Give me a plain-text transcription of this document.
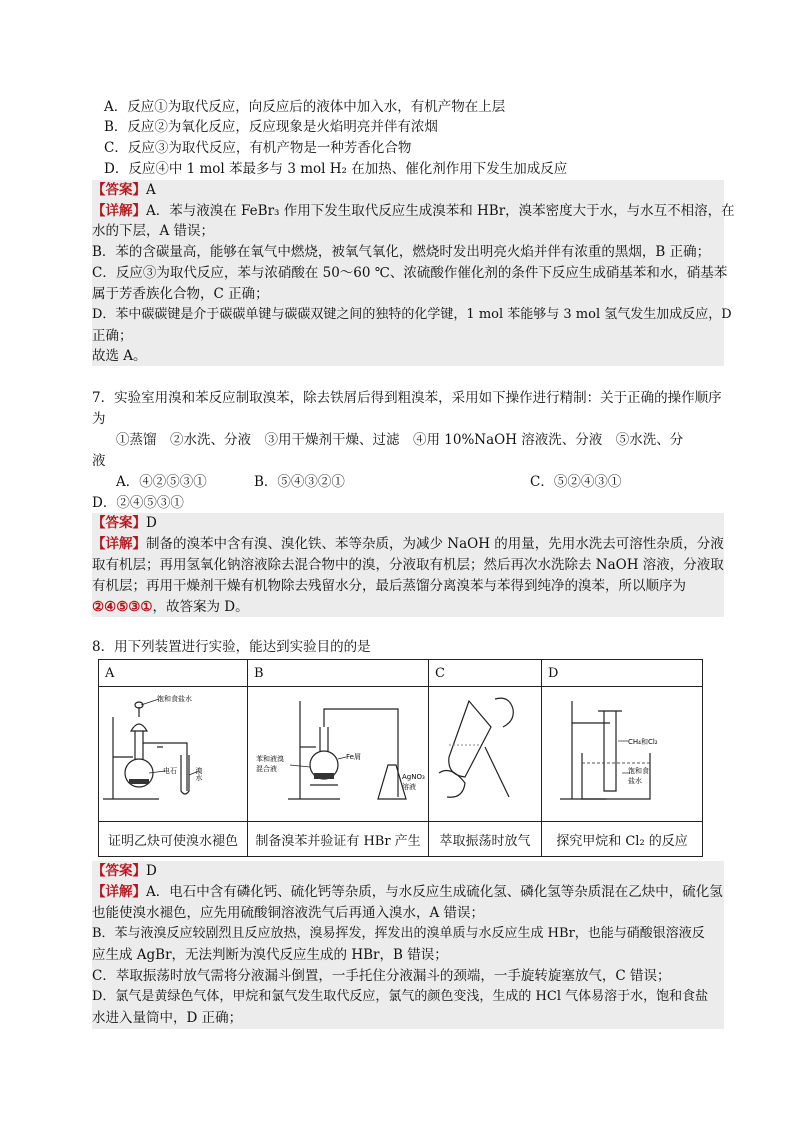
A．反应①为取代反应，向反应后的液体中加入水，有机产物在上层
B．反应②为氧化反应，反应现象是火焰明亮并伴有浓烟
C．反应③为取代反应，有机产物是一种芳香化合物
D．反应④中 1 mol 苯最多与 3 mol H₂ 在加热、催化剂作用下发生加成反应
【答案】A
【详解】A．苯与液溴在 FeBr₃ 作用下发生取代反应生成溴苯和 HBr，溴苯密度大于水，与水互不相溶，在
水的下层，A 错误；
B．苯的含碳量高，能够在氧气中燃烧，被氧气氧化，燃烧时发出明亮火焰并伴有浓重的黑烟，B 正确；
C．反应③为取代反应，苯与浓硝酸在 50～60 ℃、浓硫酸作催化剂的条件下反应生成硝基苯和水，硝基苯
属于芳香族化合物，C 正确；
D．苯中碳碳键是介于碳碳单键与碳碳双键之间的独特的化学键，1 mol 苯能够与 3 mol 氢气发生加成反应，D
正确；
故选 A。
7．实验室用溴和苯反应制取溴苯，除去铁屑后得到粗溴苯，采用如下操作进行精制：关于正确的操作顺序
为
①蒸馏　②水洗、分液　③用干燥剂干燥、过滤　④用 10%NaOH 溶液洗、分液　⑤水洗、分
液
A．④②⑤③①	B．⑤④③②①	C．⑤②④③①
D．②④⑤③①
【答案】D
【详解】制备的溴苯中含有溴、溴化铁、苯等杂质，为减少 NaOH 的用量，先用水洗去可溶性杂质，分液
取有机层；再用氢氧化钠溶液除去混合物中的溴，分液取有机层；然后再次水洗除去 NaOH 溶液，分液取
有机层；再用干燥剂干燥有机物除去残留水分，最后蒸馏分离溴苯与苯得到纯净的溴苯，所以顺序为
②④⑤③①，故答案为 D。
8．用下列装置进行实验，能达到实验目的的是
A	B	C	D

饱和食盐水
电石 溴水	苯和液溴
混合液
Fe屑
AgNO₃
溶液		CH₄和Cl₂
饱和食
盐水

证明乙炔可使溴水褪色	制备溴苯并验证有 HBr 产生	萃取振荡时放气	探究甲烷和 Cl₂ 的反应
【答案】D
【详解】A．电石中含有磷化钙、硫化钙等杂质，与水反应生成硫化氢、磷化氢等杂质混在乙炔中，硫化氢
也能使溴水褪色，应先用硫酸铜溶液洗气后再通入溴水，A 错误；
B．苯与液溴反应较剧烈且反应放热，溴易挥发，挥发出的溴单质与水反应生成 HBr，也能与硝酸银溶液反
应生成 AgBr，无法判断为溴代反应生成的 HBr，B 错误；
C．萃取振荡时放气需将分液漏斗倒置，一手托住分液漏斗的颈端，一手旋转旋塞放气，C 错误；
D．氯气是黄绿色气体，甲烷和氯气发生取代反应，氯气的颜色变浅，生成的 HCl 气体易溶于水，饱和食盐
水进入量筒中，D 正确；
